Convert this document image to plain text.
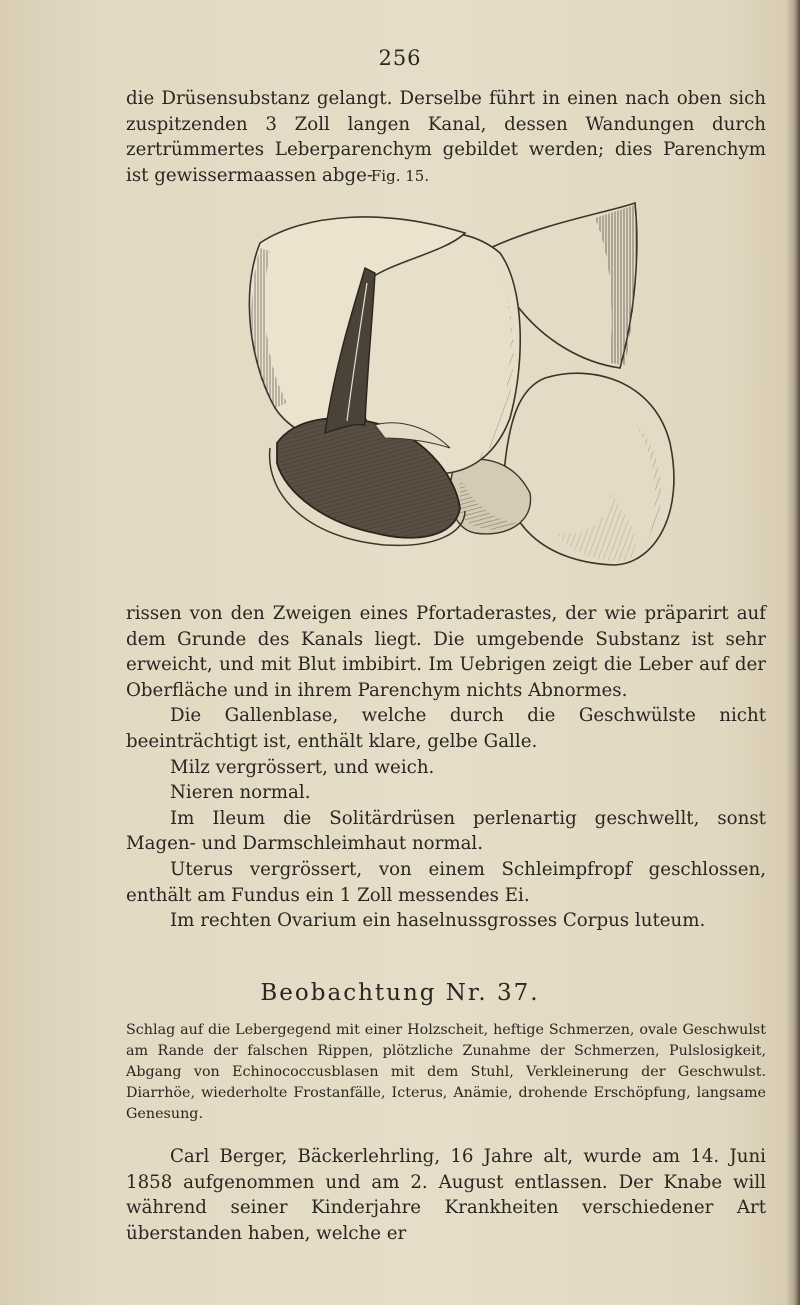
256

die Drüsensubstanz gelangt. Derselbe führt in einen nach oben sich zuspitzenden 3 Zoll langen Kanal, dessen Wandungen durch zertrümmertes Leberparenchym gebildet werden; dies Parenchym ist gewissermaassen abge-

Fig. 15.

rissen von den Zweigen eines Pfortaderastes, der wie präparirt auf dem Grunde des Kanals liegt. Die umgebende Substanz ist sehr erweicht, und mit Blut imbibirt. Im Uebrigen zeigt die Leber auf der Oberfläche und in ihrem Parenchym nichts Abnormes.

Die Gallenblase, welche durch die Geschwülste nicht beeinträchtigt ist, enthält klare, gelbe Galle.

Milz vergrössert, und weich.

Nieren normal.

Im Ileum die Solitärdrüsen perlenartig geschwellt, sonst Magen- und Darmschleimhaut normal.

Uterus vergrössert, von einem Schleimpfropf geschlossen, enthält am Fundus ein 1 Zoll messendes Ei.

Im rechten Ovarium ein haselnussgrosses Corpus luteum.

Beobachtung Nr. 37.
Schlag auf die Lebergegend mit einer Holzscheit, heftige Schmerzen, ovale Geschwulst am Rande der falschen Rippen, plötzliche Zunahme der Schmerzen, Pulslosigkeit, Abgang von Echinococcusblasen mit dem Stuhl, Verkleinerung der Geschwulst. Diarrhöe, wiederholte Frostanfälle, Icterus, Anämie, drohende Erschöpfung, langsame Genesung.

Carl Berger, Bäckerlehrling, 16 Jahre alt, wurde am 14. Juni 1858 aufgenommen und am 2. August entlassen. Der Knabe will während seiner Kinderjahre Krankheiten verschiedener Art überstanden haben, welche er
